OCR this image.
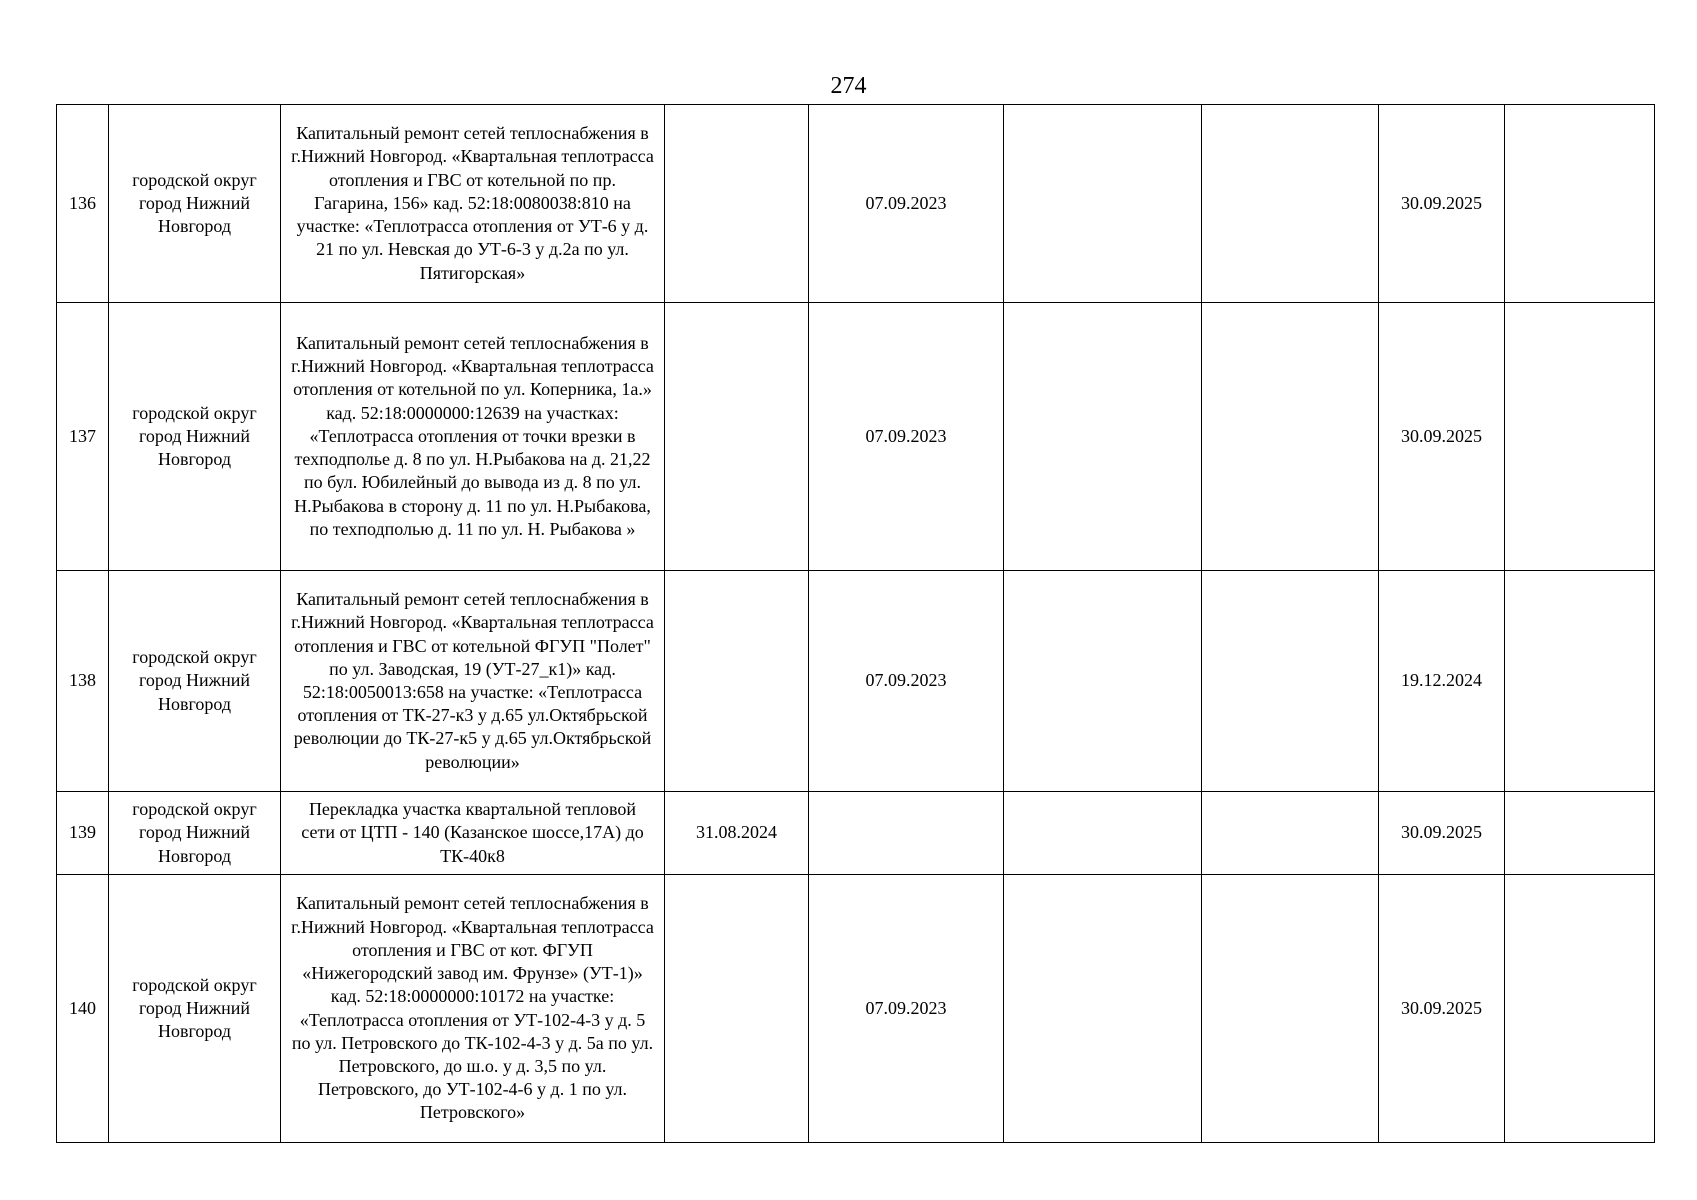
274
136	городской округ город Нижний Новгород	Капитальный ремонт сетей теплоснабжения в г.Нижний Новгород. «Квартальная теплотрасса отопления и ГВС от котельной по пр. Гагарина, 156» кад. 52:18:0080038:810 на участке: «Теплотрасса отопления от УТ-6 у д. 21 по ул. Невская до УТ-6-3 у д.2а по ул. Пятигорская»		07.09.2023			30.09.2025	
137	городской округ город Нижний Новгород	Капитальный ремонт сетей теплоснабжения в г.Нижний Новгород. «Квартальная теплотрасса отопления от котельной по ул. Коперника, 1а.» кад. 52:18:0000000:12639 на участках: «Теплотрасса отопления от точки врезки в техподполье д. 8 по ул. Н.Рыбакова на д. 21,22 по бул. Юбилейный до вывода из д. 8 по ул. Н.Рыбакова в сторону д. 11 по ул. Н.Рыбакова, по техподполью д. 11 по ул. Н. Рыбакова »		07.09.2023			30.09.2025	
138	городской округ город Нижний Новгород	Капитальный ремонт сетей теплоснабжения в г.Нижний Новгород. «Квартальная теплотрасса отопления и ГВС от котельной ФГУП "Полет" по ул. Заводская, 19 (УТ-27_к1)» кад. 52:18:0050013:658 на участке: «Теплотрасса отопления от ТК-27-к3 у д.65 ул.Октябрьской революции до ТК-27-к5 у д.65 ул.Октябрьской революции»		07.09.2023			19.12.2024	
139	городской округ город Нижний Новгород	Перекладка участка квартальной тепловой сети от ЦТП - 140 (Казанское шоссе,17А) до ТК-40к8	31.08.2024				30.09.2025	
140	городской округ город Нижний Новгород	Капитальный ремонт сетей теплоснабжения в г.Нижний Новгород. «Квартальная теплотрасса отопления и ГВС от кот. ФГУП «Нижегородский завод им. Фрунзе» (УТ-1)» кад. 52:18:0000000:10172 на участке: «Теплотрасса отопления от УТ-102-4-3 у д. 5 по ул. Петровского до ТК-102-4-3 у д. 5а по ул. Петровского, до ш.о. у д. 3,5 по ул. Петровского, до УТ-102-4-6 у д. 1 по ул. Петровского»		07.09.2023			30.09.2025	
